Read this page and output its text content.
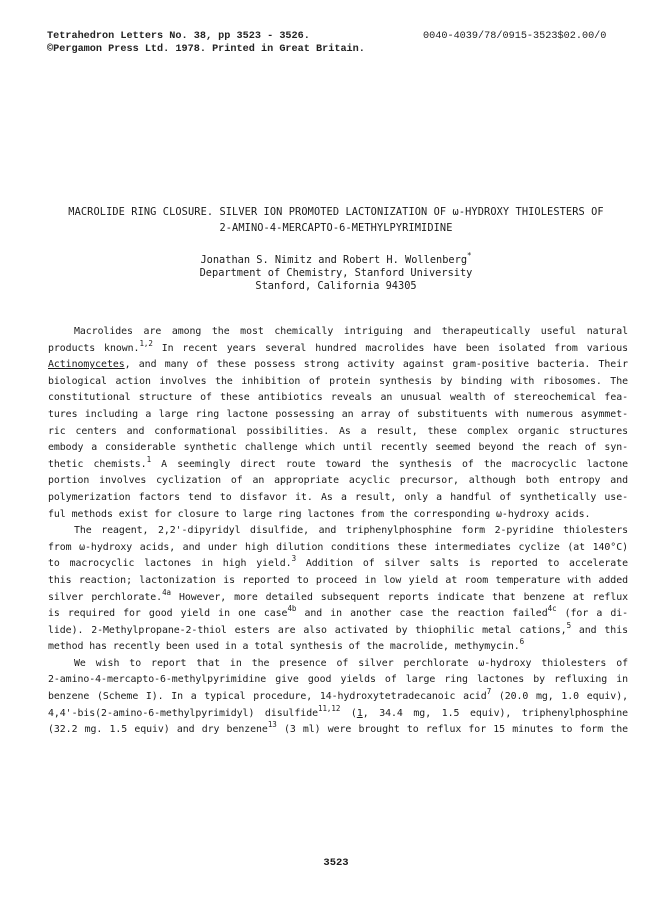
Tetrahedron Letters No. 38, pp 3523 - 3526.
©Pergamon Press Ltd. 1978. Printed in Great Britain.
0040-4039/78/0915-3523$02.00/0
MACROLIDE RING CLOSURE. SILVER ION PROMOTED LACTONIZATION OF ω-HYDROXY THIOLESTERS OF
2-AMINO-4-MERCAPTO-6-METHYLPYRIMIDINE
Jonathan S. Nimitz and Robert H. Wollenberg*
Department of Chemistry, Stanford University
Stanford, California 94305
Macrolides are among the most chemically intriguing and therapeutically useful natural
products known.$^{1,2}$ In recent years several hundred macrolides have been isolated from various
Actinomycetes, and many of these possess strong activity against gram-positive bacteria. Their
biological action involves the inhibition of protein synthesis by binding with ribosomes. The
constitutional structure of these antibiotics reveals an unusual wealth of stereochemical fea-
tures including a large ring lactone possessing an array of substituents with numerous asymmet-
ric centers and conformational possibilities. As a result, these complex organic structures
embody a considerable synthetic challenge which until recently seemed beyond the reach of syn-
thetic chemists.$^1$ A seemingly direct route toward the synthesis of the macrocyclic lactone
portion involves cyclization of an appropriate acyclic precursor, although both entropy and
polymerization factors tend to disfavor it. As a result, only a handful of synthetically use-
ful methods exist for closure to large ring lactones from the corresponding ω-hydroxy acids.
The reagent, 2,2'-dipyridyl disulfide, and triphenylphosphine form 2-pyridine thiolesters
from ω-hydroxy acids, and under high dilution conditions these intermediates cyclize (at 140°C)
to macrocyclic lactones in high yield.$^3$ Addition of silver salts is reported to accelerate
this reaction; lactonization is reported to proceed in low yield at room temperature with added
silver perchlorate.$^{4a}$ However, more detailed subsequent reports indicate that benzene at reflux
is required for good yield in one case$^{4b}$ and in another case the reaction failed$^{4c}$ (for a di-
lide). 2-Methylpropane-2-thiol esters are also activated by thiophilic metal cations,$^5$ and this
method has recently been used in a total synthesis of the macrolide, methymycin.$^6$
We wish to report that in the presence of silver perchlorate ω-hydroxy thiolesters of
2-amino-4-mercapto-6-methylpyrimidine give good yields of large ring lactones by refluxing in
benzene (Scheme I). In a typical procedure, 14-hydroxytetradecanoic acid$^7$ (20.0 mg, 1.0 equiv),
4,4'-bis(2-amino-6-methylpyrimidyl) disulfide$^{11,12}$ (1, 34.4 mg, 1.5 equiv), triphenylphosphine
(32.2 mg. 1.5 equiv) and dry benzene$^{13}$ (3 ml) were brought to reflux for 15 minutes to form the
3523
